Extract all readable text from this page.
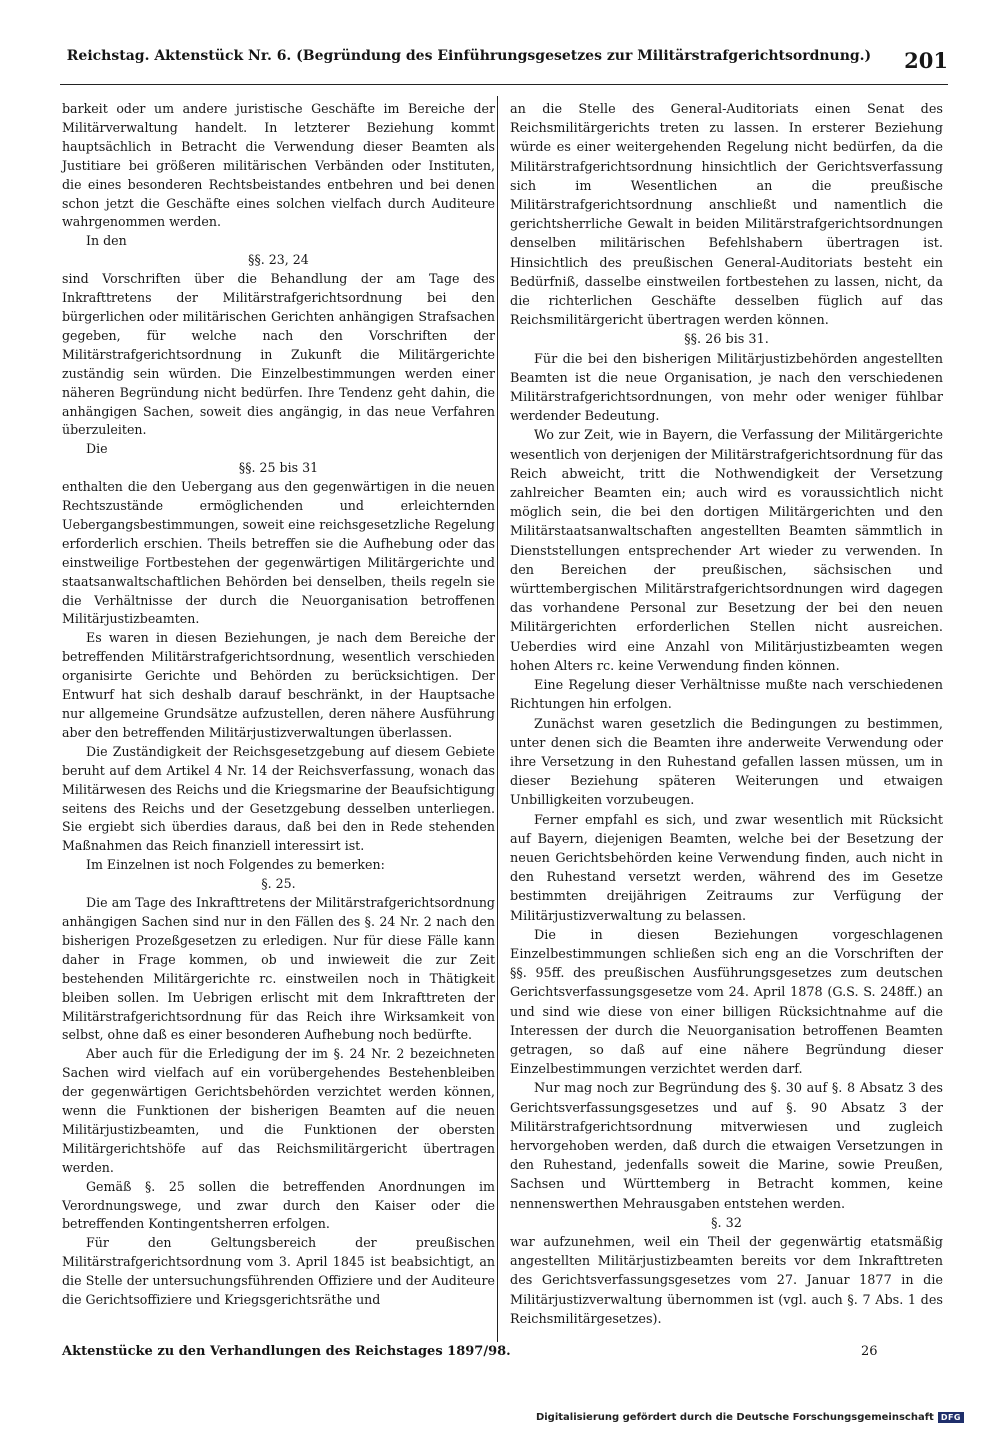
Reichstag. Aktenstück Nr. 6. (Begründung des Einführungsgesetzes zur Militärstrafgerichtsordnung.)	201

barkeit oder um andere juristische Geschäfte im Bereiche der Militärverwaltung handelt. In letzterer Beziehung kommt hauptsächlich in Betracht die Verwendung dieser Beamten als Justitiare bei größeren militärischen Verbänden oder Instituten, die eines besonderen Rechtsbeistandes entbehren und bei denen schon jetzt die Geschäfte eines solchen vielfach durch Auditeure wahrgenommen werden.

In den

§§. 23, 24

sind Vorschriften über die Behandlung der am Tage des Inkrafttretens der Militärstrafgerichtsordnung bei den bürgerlichen oder militärischen Gerichten anhängigen Strafsachen gegeben, für welche nach den Vorschriften der Militärstrafgerichtsordnung in Zukunft die Militärgerichte zuständig sein würden. Die Einzelbestimmungen werden einer näheren Begründung nicht bedürfen. Ihre Tendenz geht dahin, die anhängigen Sachen, soweit dies angängig, in das neue Verfahren überzuleiten.

Die

§§. 25 bis 31

enthalten die den Uebergang aus den gegenwärtigen in die neuen Rechtszustände ermöglichenden und erleichternden Uebergangsbestimmungen, soweit eine reichsgesetzliche Regelung erforderlich erschien. Theils betreffen sie die Aufhebung oder das einstweilige Fortbestehen der gegenwärtigen Militärgerichte und staatsanwaltschaftlichen Behörden bei denselben, theils regeln sie die Verhältnisse der durch die Neuorganisation betroffenen Militärjustizbeamten.

Es waren in diesen Beziehungen, je nach dem Bereiche der betreffenden Militärstrafgerichtsordnung, wesentlich verschieden organisirte Gerichte und Behörden zu berücksichtigen. Der Entwurf hat sich deshalb darauf beschränkt, in der Hauptsache nur allgemeine Grundsätze aufzustellen, deren nähere Ausführung aber den betreffenden Militärjustizverwaltungen überlassen.

Die Zuständigkeit der Reichsgesetzgebung auf diesem Gebiete beruht auf dem Artikel 4 Nr. 14 der Reichsverfassung, wonach das Militärwesen des Reichs und die Kriegsmarine der Beaufsichtigung seitens des Reichs und der Gesetzgebung desselben unterliegen. Sie ergiebt sich überdies daraus, daß bei den in Rede stehenden Maßnahmen das Reich finanziell interessirt ist.

Im Einzelnen ist noch Folgendes zu bemerken:

§. 25.

Die am Tage des Inkrafttretens der Militärstrafgerichtsordnung anhängigen Sachen sind nur in den Fällen des §. 24 Nr. 2 nach den bisherigen Prozeßgesetzen zu erledigen. Nur für diese Fälle kann daher in Frage kommen, ob und inwieweit die zur Zeit bestehenden Militärgerichte rc. einstweilen noch in Thätigkeit bleiben sollen. Im Uebrigen erlischt mit dem Inkrafttreten der Militärstrafgerichtsordnung für das Reich ihre Wirksamkeit von selbst, ohne daß es einer besonderen Aufhebung noch bedürfte.

Aber auch für die Erledigung der im §. 24 Nr. 2 bezeichneten Sachen wird vielfach auf ein vorübergehendes Bestehenbleiben der gegenwärtigen Gerichtsbehörden verzichtet werden können, wenn die Funktionen der bisherigen Beamten auf die neuen Militärjustizbeamten, und die Funktionen der obersten Militärgerichtshöfe auf das Reichsmilitärgericht übertragen werden.

Gemäß §. 25 sollen die betreffenden Anordnungen im Verordnungswege, und zwar durch den Kaiser oder die betreffenden Kontingentsherren erfolgen.

Für den Geltungsbereich der preußischen Militärstrafgerichtsordnung vom 3. April 1845 ist beabsichtigt, an die Stelle der untersuchungsführenden Offiziere und der Auditeure die Gerichtsoffiziere und Kriegsgerichtsräthe und

an die Stelle des General-Auditoriats einen Senat des Reichsmilitärgerichts treten zu lassen. In ersterer Beziehung würde es einer weitergehenden Regelung nicht bedürfen, da die Militärstrafgerichtsordnung hinsichtlich der Gerichtsverfassung sich im Wesentlichen an die preußische Militärstrafgerichtsordnung anschließt und namentlich die gerichtsherrliche Gewalt in beiden Militärstrafgerichtsordnungen denselben militärischen Befehlshabern übertragen ist. Hinsichtlich des preußischen General-Auditoriats besteht ein Bedürfniß, dasselbe einstweilen fortbestehen zu lassen, nicht, da die richterlichen Geschäfte desselben füglich auf das Reichsmilitärgericht übertragen werden können.

§§. 26 bis 31.

Für die bei den bisherigen Militärjustizbehörden angestellten Beamten ist die neue Organisation, je nach den verschiedenen Militärstrafgerichtsordnungen, von mehr oder weniger fühlbar werdender Bedeutung.

Wo zur Zeit, wie in Bayern, die Verfassung der Militärgerichte wesentlich von derjenigen der Militärstrafgerichtsordnung für das Reich abweicht, tritt die Nothwendigkeit der Versetzung zahlreicher Beamten ein; auch wird es voraussichtlich nicht möglich sein, die bei den dortigen Militärgerichten und den Militärstaatsanwaltschaften angestellten Beamten sämmtlich in Dienststellungen entsprechender Art wieder zu verwenden. In den Bereichen der preußischen, sächsischen und württembergischen Militärstrafgerichtsordnungen wird dagegen das vorhandene Personal zur Besetzung der bei den neuen Militärgerichten erforderlichen Stellen nicht ausreichen. Ueberdies wird eine Anzahl von Militärjustizbeamten wegen hohen Alters rc. keine Verwendung finden können.

Eine Regelung dieser Verhältnisse mußte nach verschiedenen Richtungen hin erfolgen.

Zunächst waren gesetzlich die Bedingungen zu bestimmen, unter denen sich die Beamten ihre anderweite Verwendung oder ihre Versetzung in den Ruhestand gefallen lassen müssen, um in dieser Beziehung späteren Weiterungen und etwaigen Unbilligkeiten vorzubeugen.

Ferner empfahl es sich, und zwar wesentlich mit Rücksicht auf Bayern, diejenigen Beamten, welche bei der Besetzung der neuen Gerichtsbehörden keine Verwendung finden, auch nicht in den Ruhestand versetzt werden, während des im Gesetze bestimmten dreijährigen Zeitraums zur Verfügung der Militärjustizverwaltung zu belassen.

Die in diesen Beziehungen vorgeschlagenen Einzelbestimmungen schließen sich eng an die Vorschriften der §§. 95ff. des preußischen Ausführungsgesetzes zum deutschen Gerichtsverfassungsgesetze vom 24. April 1878 (G.S. S. 248ff.) an und sind wie diese von einer billigen Rücksichtnahme auf die Interessen der durch die Neuorganisation betroffenen Beamten getragen, so daß auf eine nähere Begründung dieser Einzelbestimmungen verzichtet werden darf.

Nur mag noch zur Begründung des §. 30 auf §. 8 Absatz 3 des Gerichtsverfassungsgesetzes und auf §. 90 Absatz 3 der Militärstrafgerichtsordnung mitverwiesen und zugleich hervorgehoben werden, daß durch die etwaigen Versetzungen in den Ruhestand, jedenfalls soweit die Marine, sowie Preußen, Sachsen und Württemberg in Betracht kommen, keine nennenswerthen Mehrausgaben entstehen werden.

§. 32

war aufzunehmen, weil ein Theil der gegenwärtig etatsmäßig angestellten Militärjustizbeamten bereits vor dem Inkrafttreten des Gerichtsverfassungsgesetzes vom 27. Januar 1877 in die Militärjustizverwaltung übernommen ist (vgl. auch §. 7 Abs. 1 des Reichsmilitärgesetzes).

Aktenstücke zu den Verhandlungen des Reichstages 1897/98.	26
Digitalisierung gefördert durch die Deutsche Forschungsgemeinschaft DFG
